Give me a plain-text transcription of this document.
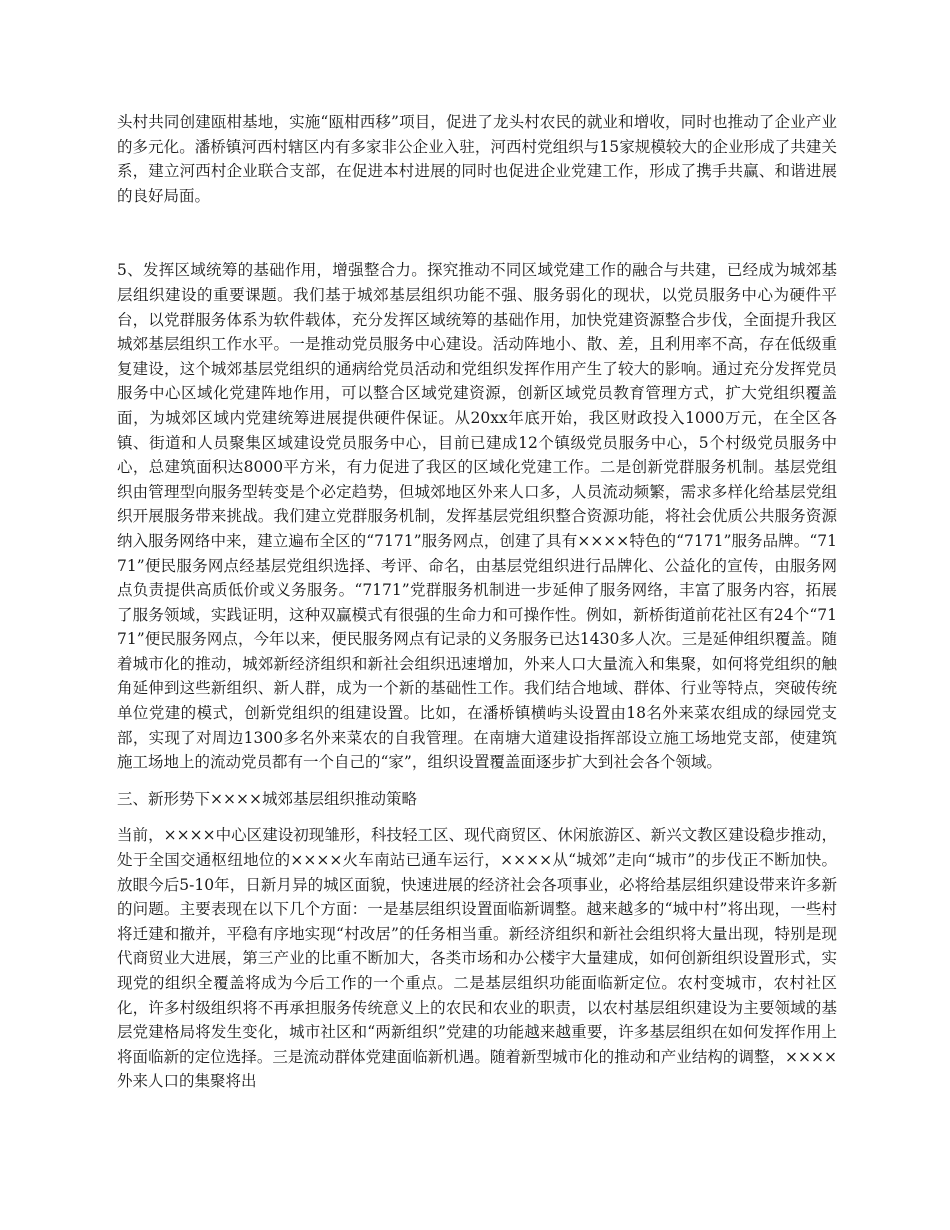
头村共同创建瓯柑基地，实施“瓯柑西移”项目，促进了龙头村农民的就业和增收，同时也推动了企业产业的多元化。潘桥镇河西村辖区内有多家非公企业入驻，河西村党组织与15家规模较大的企业形成了共建关系，建立河西村企业联合支部，在促进本村进展的同时也促进企业党建工作，形成了携手共赢、和谐进展的良好局面。

5、发挥区域统筹的基础作用，增强整合力。探究推动不同区域党建工作的融合与共建，已经成为城郊基层组织建设的重要课题。我们基于城郊基层组织功能不强、服务弱化的现状，以党员服务中心为硬件平台，以党群服务体系为软件载体，充分发挥区域统筹的基础作用，加快党建资源整合步伐，全面提升我区城郊基层组织工作水平。一是推动党员服务中心建设。活动阵地小、散、差，且利用率不高，存在低级重复建设，这个城郊基层党组织的通病给党员活动和党组织发挥作用产生了较大的影响。通过充分发挥党员服务中心区域化党建阵地作用，可以整合区域党建资源，创新区域党员教育管理方式，扩大党组织覆盖面，为城郊区域内党建统筹进展提供硬件保证。从20xx年底开始，我区财政投入1000万元，在全区各镇、街道和人员聚集区域建设党员服务中心，目前已建成12个镇级党员服务中心，5个村级党员服务中心，总建筑面积达8000平方米，有力促进了我区的区域化党建工作。二是创新党群服务机制。基层党组织由管理型向服务型转变是个必定趋势，但城郊地区外来人口多，人员流动频繁，需求多样化给基层党组织开展服务带来挑战。我们建立党群服务机制，发挥基层党组织整合资源功能，将社会优质公共服务资源纳入服务网络中来，建立遍布全区的“7171”服务网点，创建了具有××××特色的“7171”服务品牌。“7171”便民服务网点经基层党组织选择、考评、命名，由基层党组织进行品牌化、公益化的宣传，由服务网点负责提供高质低价或义务服务。“7171”党群服务机制进一步延伸了服务网络，丰富了服务内容，拓展了服务领域，实践证明，这种双赢模式有很强的生命力和可操作性。例如，新桥街道前花社区有24个“7171”便民服务网点，今年以来，便民服务网点有记录的义务服务已达1430多人次。三是延伸组织覆盖。随着城市化的推动，城郊新经济组织和新社会组织迅速增加，外来人口大量流入和集聚，如何将党组织的触角延伸到这些新组织、新人群，成为一个新的基础性工作。我们结合地域、群体、行业等特点，突破传统单位党建的模式，创新党组织的组建设置。比如，在潘桥镇横屿头设置由18名外来菜农组成的绿园党支部，实现了对周边1300多名外来菜农的自我管理。在南塘大道建设指挥部设立施工场地党支部，使建筑施工场地上的流动党员都有一个自己的“家”，组织设置覆盖面逐步扩大到社会各个领域。

三、新形势下××××城郊基层组织推动策略

当前，××××中心区建设初现雏形，科技轻工区、现代商贸区、休闲旅游区、新兴文教区建设稳步推动，处于全国交通枢纽地位的××××火车南站已通车运行，××××从“城郊”走向“城市”的步伐正不断加快。放眼今后5-10年，日新月异的城区面貌，快速进展的经济社会各项事业，必将给基层组织建设带来许多新的问题。主要表现在以下几个方面：一是基层组织设置面临新调整。越来越多的“城中村”将出现，一些村将迁建和撤并，平稳有序地实现“村改居”的任务相当重。新经济组织和新社会组织将大量出现，特别是现代商贸业大进展，第三产业的比重不断加大，各类市场和办公楼宇大量建成，如何创新组织设置形式，实现党的组织全覆盖将成为今后工作的一个重点。二是基层组织功能面临新定位。农村变城市，农村社区化，许多村级组织将不再承担服务传统意义上的农民和农业的职责，以农村基层组织建设为主要领域的基层党建格局将发生变化，城市社区和“两新组织”党建的功能越来越重要，许多基层组织在如何发挥作用上将面临新的定位选择。三是流动群体党建面临新机遇。随着新型城市化的推动和产业结构的调整，××××外来人口的集聚将出
